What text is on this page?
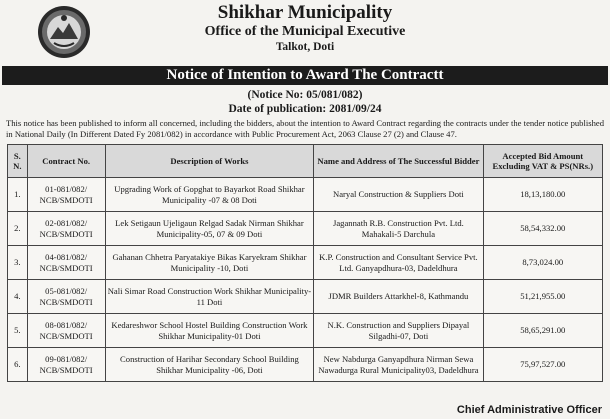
Shikhar Municipality
Office of the Municipal Executive
Talkot, Doti
Notice of Intention to Award The Contractt
(Notice No: 05/081/082)
Date of publication: 2081/09/24
This notice has been published to inform all concerned, including the bidders, about the intention to Award Contract regarding the contracts under the tender notice published in National Daily (In Different Dated Fy 2081/082) in accordance with Public Procurement Act, 2063 Clause 27 (2) and Clause 47.
S. N.	Contract No.	Description of Works	Name and Address of The Successful Bidder	Accepted Bid Amount Excluding VAT & PS(NRs.)
1.	01-081/082/ NCB/SMDOTI	Upgrading Work of Gopghat to Bayarkot Road Shikhar Municipality -07 & 08 Doti	Naryal Construction & Suppliers Doti	18,13,180.00
2.	02-081/082/ NCB/SMDOTI	Lek Setigaun Ujeligaun Relgad Sadak Nirman Shikhar Municipality-05, 07 & 09 Doti	Jagannath R.B. Construction Pvt. Ltd. Mahakali-5 Darchula	58,54,332.00
3.	04-081/082/ NCB/SMDOTI	Gahanan Chhetra Paryatakiye Bikas Karyekram Shikhar Municipality -10, Doti	K.P. Construction and Consultant Service Pvt. Ltd. Ganyapdhura-03, Dadeldhura	8,73,024.00
4.	05-081/082/ NCB/SMDOTI	Nali Simar Road Construction Work Shikhar Municipality-11 Doti	JDMR Builders Attarkhel-8, Kathmandu	51,21,955.00
5.	08-081/082/ NCB/SMDOTI	Kedareshwor School Hostel Building Construction Work Shikhar Municipality-01 Doti	N.K. Construction and Suppliers Dipayal Silgadhi-07, Doti	58,65,291.00
6.	09-081/082/ NCB/SMDOTI	Construction of Harihar Secondary School Building Shikhar Municipality -06, Doti	New Nabdurga Ganyapdhura Nirman Sewa Nawadurga Rural Municipality03, Dadeldhura	75,97,527.00
Chief Administrative Officer
